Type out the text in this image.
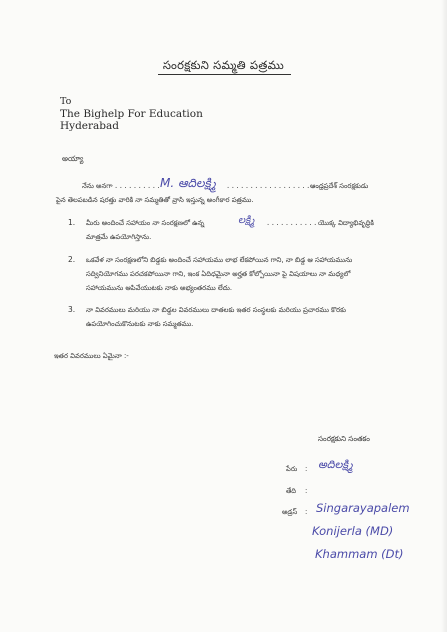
సంరక్షకుని సమ్మతి పత్రము
To
The Bighelp For Education
Hyderabad
అయ్యా
నేను అనగా ..........
M. ఆదిలక్ష్మి .....................
ఆంధ్రప్రదేశ్ సంరక్షకుడు
పైన తెలపబడిన షరత్తు వారికి నా సమ్మతితో వ్రాసి ఇస్తున్న అంగీకార పత్రము.
1. మీరు అందించే సహాయం నా సంరక్షణలో ఉన్న	లక్ష్మి ........... యొక్క విద్యాభివృద్ధికి
మాత్రమే ఉపయోగిస్తాను.
2. ఒకవేళ నా సంరక్షణలోని బిడ్డకు అందించే సహాయము లాభ లేకపోయిన గాని, నా బిడ్డ ఆ సహాయమును
సద్వినియోగము పరచకపోయినా గాని, ఇంక ఏదిధమైనా అర్హత కోల్పోయినా పై విషయాలు నా మధ్యలో
సహాయమును ఆపివేయుటకు నాకు అభ్యంతరము లేదు.
3. నా వివరములు మరియు నా బిడ్డల వివరములు దాతలకు ఇతర సంస్థలకు మరియు ప్రచారము కొరకు
ఉపయోగించుకొనుటకు నాకు సమ్మతము.
ఇతర వివరములు ఏమైనా :-
సంరక్షకుని సంతకం
పేరు : అదిలక్ష్మి
తేది :
అడ్రస్ : Singarayapalem
Konijerla (MD)
Khammam (Dt)
